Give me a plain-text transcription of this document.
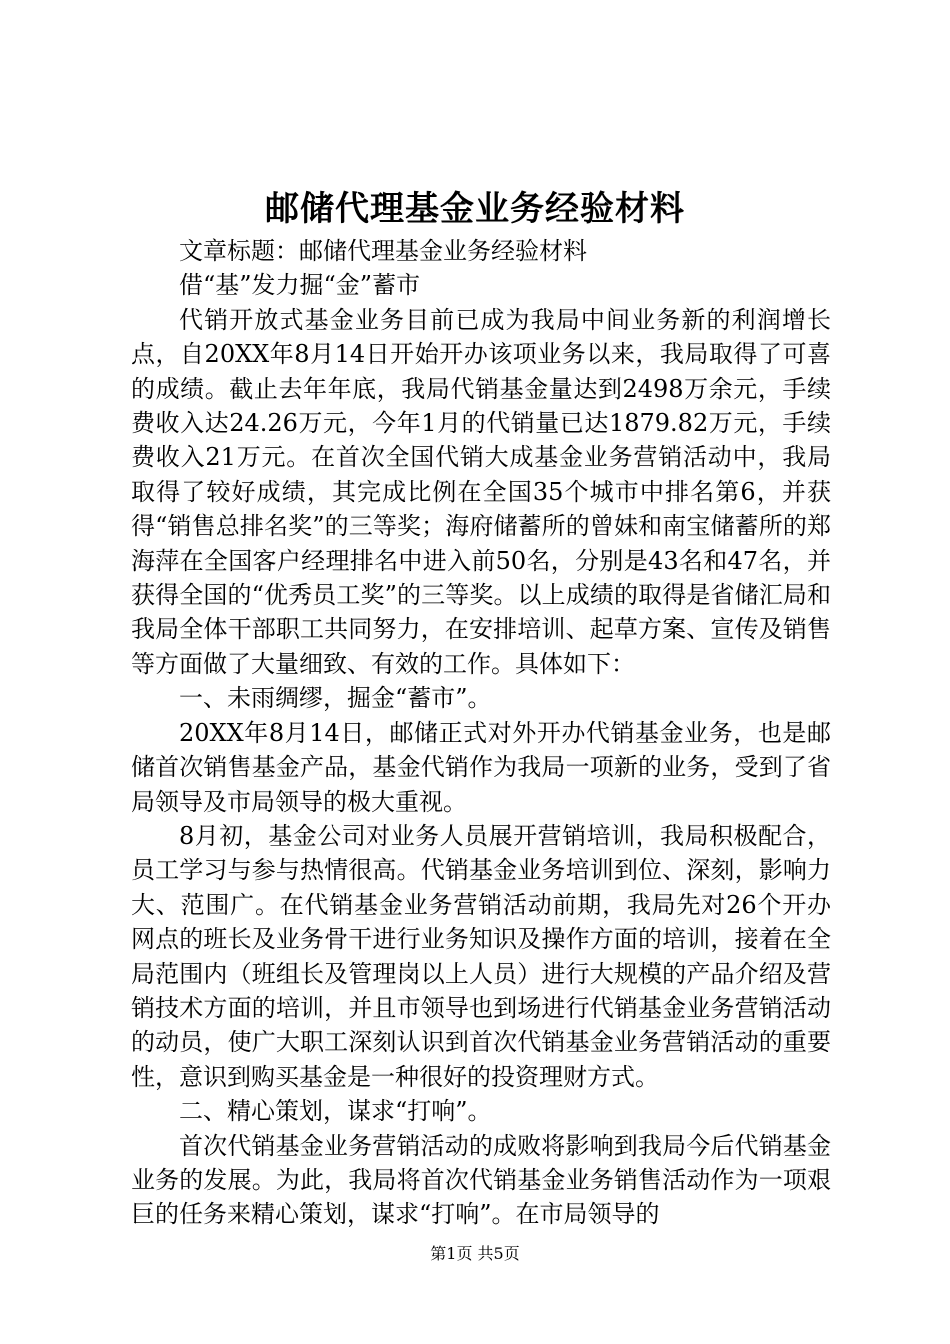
邮储代理基金业务经验材料

文章标题：邮储代理基金业务经验材料

借“基”发力掘“金”蓄市

代销开放式基金业务目前已成为我局中间业务新的利润增长点，自20XX年8月14日开始开办该项业务以来，我局取得了可喜的成绩。截止去年年底，我局代销基金量达到2498万余元，手续费收入达24.26万元，今年1月的代销量已达1879.82万元，手续费收入21万元。在首次全国代销大成基金业务营销活动中，我局取得了较好成绩，其完成比例在全国35个城市中排名第6，并获得“销售总排名奖”的三等奖；海府储蓄所的曾妹和南宝储蓄所的郑海萍在全国客户经理排名中进入前50名，分别是43名和47名，并获得全国的“优秀员工奖”的三等奖。以上成绩的取得是省储汇局和我局全体干部职工共同努力，在安排培训、起草方案、宣传及销售等方面做了大量细致、有效的工作。具体如下：

一、未雨绸缪，掘金“蓄市”。

20XX年8月14日，邮储正式对外开办代销基金业务，也是邮储首次销售基金产品，基金代销作为我局一项新的业务，受到了省局领导及市局领导的极大重视。

8月初，基金公司对业务人员展开营销培训，我局积极配合，员工学习与参与热情很高。代销基金业务培训到位、深刻，影响力大、范围广。在代销基金业务营销活动前期，我局先对26个开办网点的班长及业务骨干进行业务知识及操作方面的培训，接着在全局范围内（班组长及管理岗以上人员）进行大规模的产品介绍及营销技术方面的培训，并且市领导也到场进行代销基金业务营销活动的动员，使广大职工深刻认识到首次代销基金业务营销活动的重要性，意识到购买基金是一种很好的投资理财方式。

二、精心策划，谋求“打响”。

首次代销基金业务营销活动的成败将影响到我局今后代销基金业务的发展。为此，我局将首次代销基金业务销售活动作为一项艰巨的任务来精心策划，谋求“打响”。在市局领导的

第1页 共5页
